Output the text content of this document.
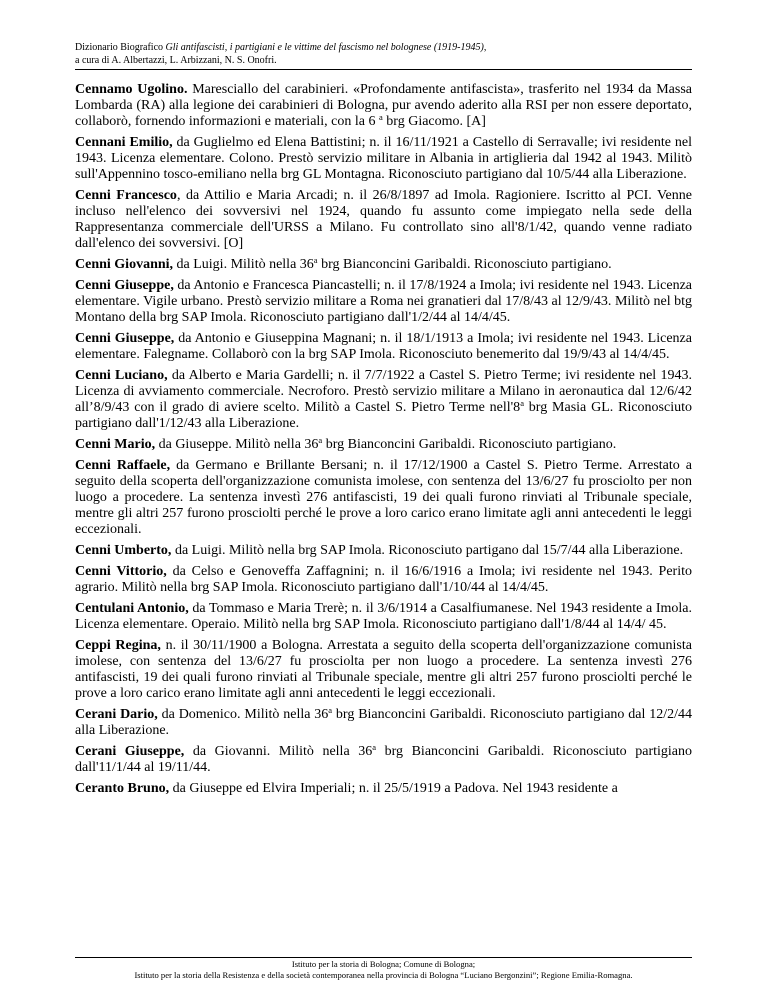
Dizionario Biografico Gli antifascisti, i partigiani e le vittime del fascismo nel bolognese (1919-1945),
a cura di A. Albertazzi, L. Arbizzani, N. S. Onofri.

Cennamo Ugolino. Maresciallo del carabinieri. «Profondamente antifascista», trasferito nel 1934 da Massa Lombarda (RA) alla legione dei carabinieri di Bologna, pur avendo aderito alla RSI per non essere deportato, collaborò, fornendo informazioni e materiali, con la 6 $^a$ brg Giacomo. [A]

Cennani Emilio, da Guglielmo ed Elena Battistini; n. il 16/11/1921 a Castello di Serravalle; ivi residente nel 1943. Licenza elementare. Colono. Prestò servizio militare in Albania in artiglieria dal 1942 al 1943. Militò sull'Appennino tosco-emiliano nella brg GL Montagna. Riconosciuto partigiano dal 10/5/44 alla Liberazione.

Cenni Francesco, da Attilio e Maria Arcadi; n. il 26/8/1897 ad Imola. Ragioniere. Iscritto al PCI. Venne incluso nell'elenco dei sovversivi nel 1924, quando fu assunto come impiegato nella sede della Rappresentanza commerciale dell'URSS a Milano. Fu controllato sino all'8/1/42, quando venne radiato dall'elenco dei sovversivi. [O]

Cenni Giovanni, da Luigi. Militò nella 36$^a$ brg Bianconcini Garibaldi. Riconosciuto partigiano.

Cenni Giuseppe, da Antonio e Francesca Piancastelli; n. il 17/8/1924 a Imola; ivi residente nel 1943. Licenza elementare. Vigile urbano. Prestò servizio militare a Roma nei granatieri dal 17/8/43 al 12/9/43. Militò nel btg Montano della brg SAP Imola. Riconosciuto partigiano dall'1/2/44 al 14/4/45.

Cenni Giuseppe, da Antonio e Giuseppina Magnani; n. il 18/1/1913 a Imola; ivi residente nel 1943. Licenza elementare. Falegname. Collaborò con la brg SAP Imola. Riconosciuto benemerito dal 19/9/43 al 14/4/45.

Cenni Luciano, da Alberto e Maria Gardelli; n. il 7/7/1922 a Castel S. Pietro Terme; ivi residente nel 1943. Licenza di avviamento commerciale. Necroforo. Prestò servizio militare a Milano in aeronautica dal 12/6/42 all’8/9/43 con il grado di aviere scelto. Militò a Castel S. Pietro Terme nell'8$^a$ brg Masia GL. Riconosciuto partigiano dall'1/12/43 alla Liberazione.

Cenni Mario, da Giuseppe. Militò nella 36$^a$ brg Bianconcini Garibaldi. Riconosciuto partigiano.

Cenni Raffaele, da Germano e Brillante Bersani; n. il 17/12/1900 a Castel S. Pietro Terme. Arrestato a seguito della scoperta dell'organizzazione comunista imolese, con sentenza del 13/6/27 fu prosciolto per non luogo a procedere. La sentenza investì 276 antifascisti, 19 dei quali furono rinviati al Tribunale speciale, mentre gli altri 257 furono prosciolti perché le prove a loro carico erano limitate agli anni antecedenti le leggi eccezionali.

Cenni Umberto, da Luigi. Militò nella brg SAP Imola. Riconosciuto partigano dal 15/7/44 alla Liberazione.

Cenni Vittorio, da Celso e Genoveffa Zaffagnini; n. il 16/6/1916 a Imola; ivi residente nel 1943. Perito agrario. Militò nella brg SAP Imola. Riconosciuto partigiano dall'1/10/44 al 14/4/45.

Centulani Antonio, da Tommaso e Maria Trerè; n. il 3/6/1914 a Casalfiumanese. Nel 1943 residente a Imola. Licenza elementare. Operaio. Militò nella brg SAP Imola. Riconosciuto partigiano dall'1/8/44 al 14/4/ 45.

Ceppi Regina, n. il 30/11/1900 a Bologna. Arrestata a seguito della scoperta dell'organizzazione comunista imolese, con sentenza del 13/6/27 fu prosciolta per non luogo a procedere. La sentenza investì 276 antifascisti, 19 dei quali furono rinviati al Tribunale speciale, mentre gli altri 257 furono prosciolti perché le prove a loro carico erano limitate agli anni antecedenti le leggi eccezionali.

Cerani Dario, da Domenico. Militò nella 36$^a$ brg Bianconcini Garibaldi. Riconosciuto partigiano dal 12/2/44 alla Liberazione.

Cerani Giuseppe, da Giovanni. Militò nella 36$^a$ brg Bianconcini Garibaldi. Riconosciuto partigiano dall'11/1/44 al 19/11/44.

Ceranto Bruno, da Giuseppe ed Elvira Imperiali; n. il 25/5/1919 a Padova. Nel 1943 residente a

Istituto per la storia di Bologna; Comune di Bologna;
Istituto per la storia della Resistenza e della società contemporanea nella provincia di Bologna “Luciano Bergonzini”; Regione Emilia-Romagna.
